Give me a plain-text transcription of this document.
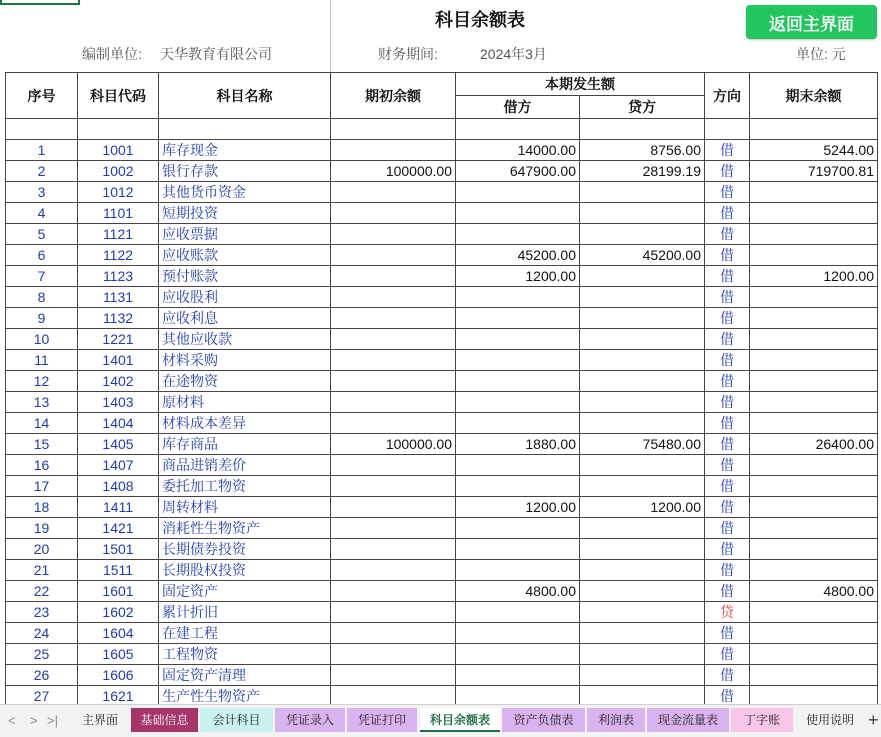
科目余额表	返回主界面
编制单位: 天华教育有限公司	财务期间:	2024年3月	单位: 元
序号	科目代码	科目名称	期初余额	本期发生额		方向	期末余额
				借方	贷方		

1	1001	库存现金		14000.00	8756.00	借	5244.00
2	1002	银行存款	100000.00	647900.00	28199.19	借	719700.81
3	1012	其他货币资金				借	
4	1101	短期投资				借	
5	1121	应收票据				借	
6	1122	应收账款		45200.00	45200.00	借	
7	1123	预付账款		1200.00		借	1200.00
8	1131	应收股利				借	
9	1132	应收利息				借	
10	1221	其他应收款				借	
11	1401	材料采购				借	
12	1402	在途物资				借	
13	1403	原材料				借	
14	1404	材料成本差异				借	
15	1405	库存商品	100000.00	1880.00	75480.00	借	26400.00
16	1407	商品进销差价				借	
17	1408	委托加工物资				借	
18	1411	周转材料		1200.00	1200.00	借	
19	1421	消耗性生物资产				借	
20	1501	长期债券投资				借	
21	1511	长期股权投资				借	
22	1601	固定资产		4800.00		借	4800.00
23	1602	累计折旧				贷	
24	1604	在建工程				借	
25	1605	工程物资				借	
26	1606	固定资产清理				借	
27	1621	生产性生物资产				借	
< > >|	主界面	基础信息	会计科目	凭证录入	凭证打印	科目余额表	资产负债表	利润表	现金流量表	丁字账	使用说明 +
